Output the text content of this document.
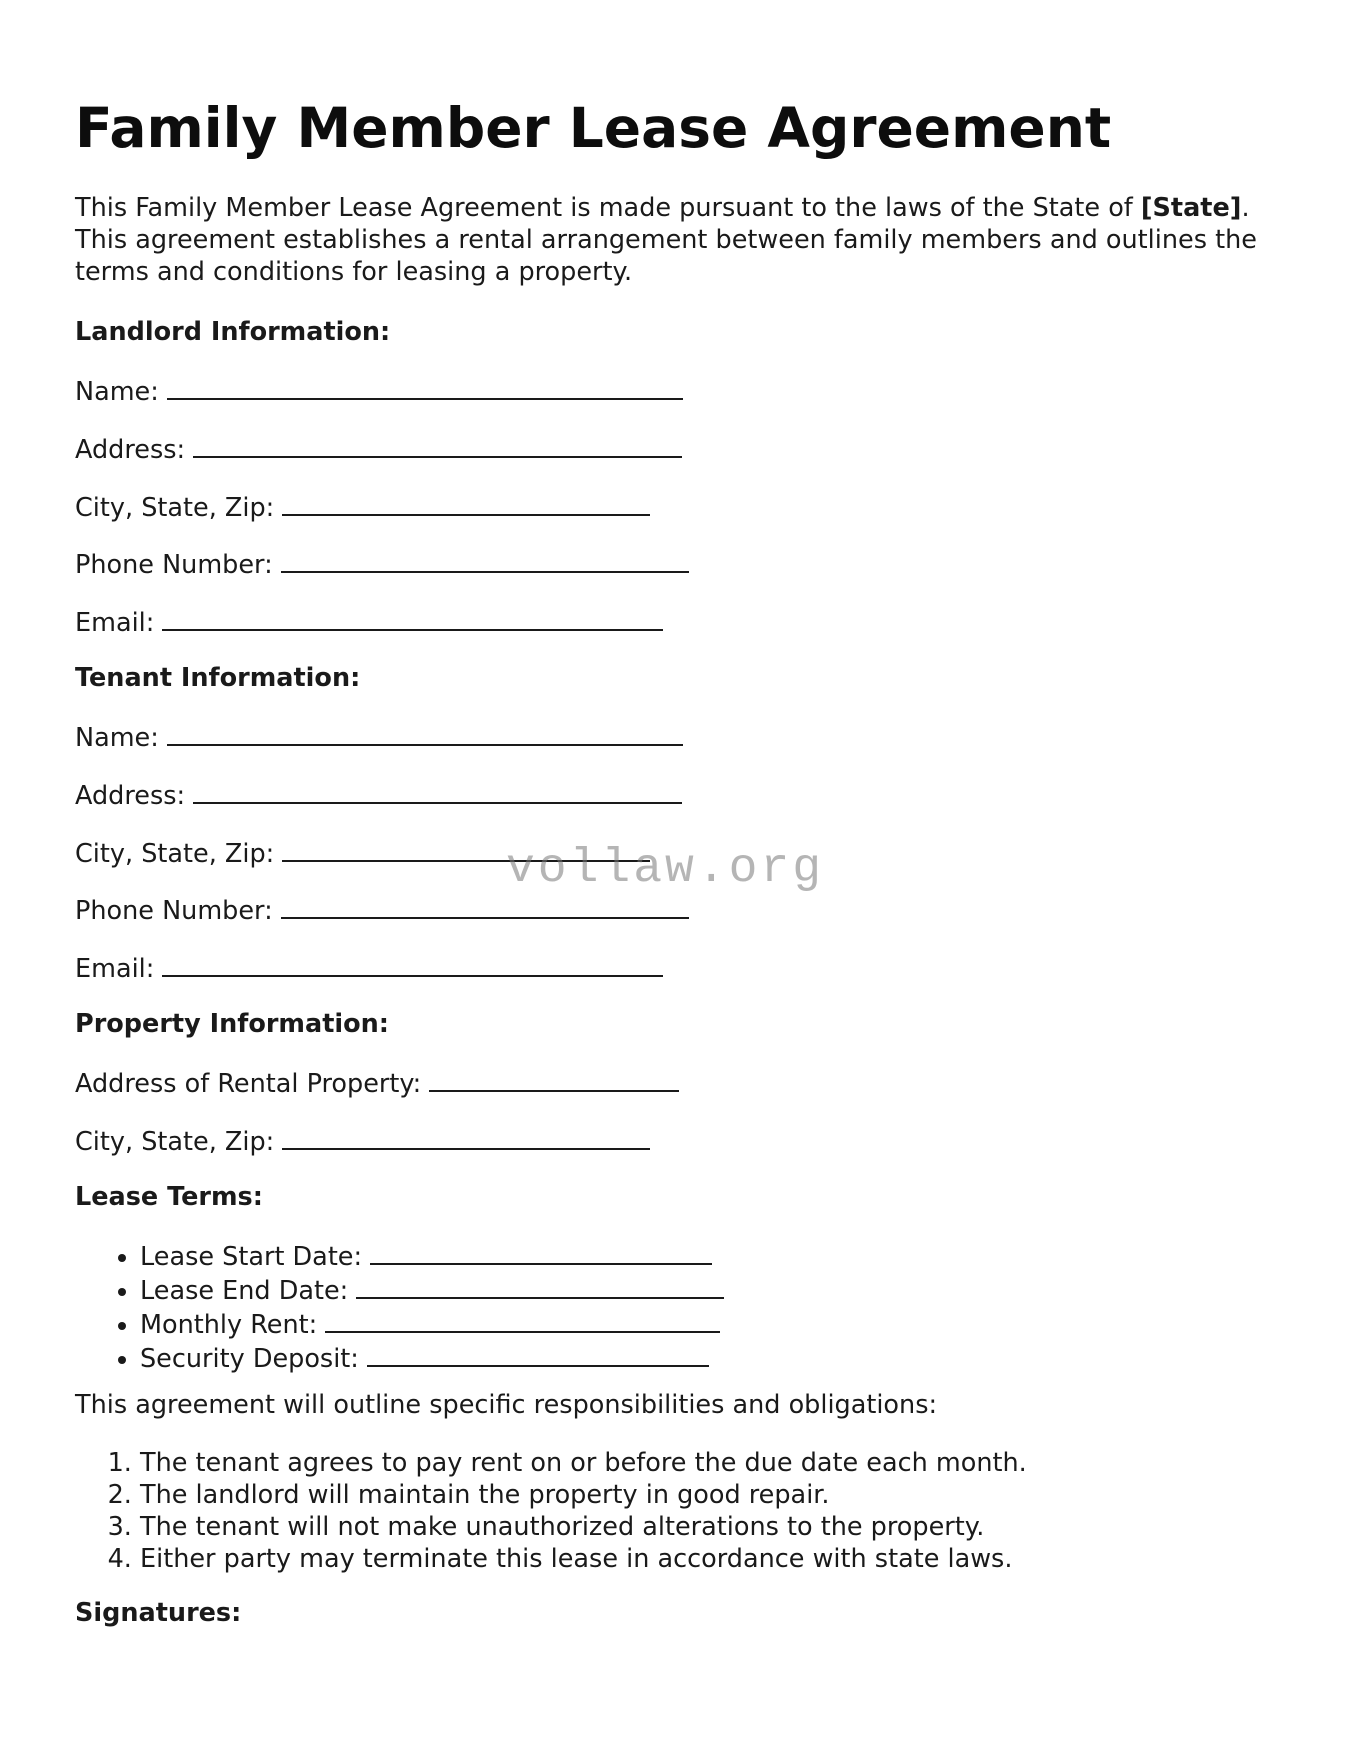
Family Member Lease Agreement

This Family Member Lease Agreement is made pursuant to the laws of the State of [State]. This agreement establishes a rental arrangement between family members and outlines the terms and conditions for leasing a property.

Landlord Information:
Name:
Address:
City, State, Zip:
Phone Number:
Email:
Tenant Information:
Name:
Address:
City, State, Zip:
Phone Number:
Email:
Property Information:
Address of Rental Property:
City, State, Zip:
Lease Terms:
• Lease Start Date:
• Lease End Date:
• Monthly Rent:
• Security Deposit:
This agreement will outline specific responsibilities and obligations:
1. The tenant agrees to pay rent on or before the due date each month.
2. The landlord will maintain the property in good repair.
3. The tenant will not make unauthorized alterations to the property.
4. Either party may terminate this lease in accordance with state laws.
Signatures:
vollaw.org
